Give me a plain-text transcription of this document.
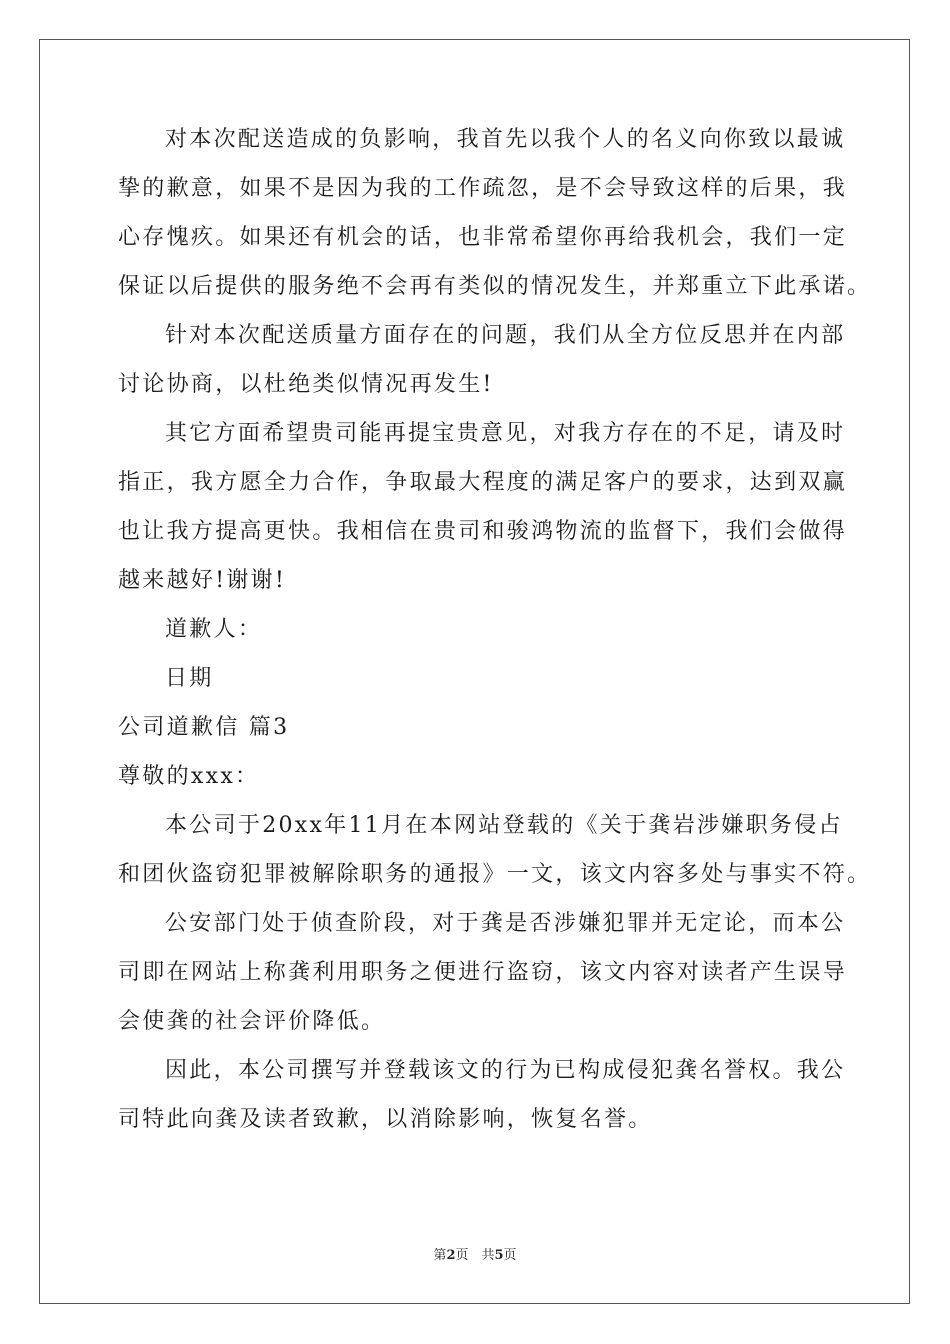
对本次配送造成的负影响，我首先以我个人的名义向你致以最诚
挚的歉意，如果不是因为我的工作疏忽，是不会导致这样的后果，我
心存愧疚。如果还有机会的话，也非常希望你再给我机会，我们一定
保证以后提供的服务绝不会再有类似的情况发生，并郑重立下此承诺。
针对本次配送质量方面存在的问题，我们从全方位反思并在内部
讨论协商，以杜绝类似情况再发生!
其它方面希望贵司能再提宝贵意见，对我方存在的不足，请及时
指正，我方愿全力合作，争取最大程度的满足客户的要求，达到双赢
也让我方提高更快。我相信在贵司和骏鸿物流的监督下，我们会做得
越来越好!谢谢!
道歉人：
日期
公司道歉信 篇3
尊敬的xxx：
本公司于20xx年11月在本网站登载的《关于龚岩涉嫌职务侵占
和团伙盗窃犯罪被解除职务的通报》一文，该文内容多处与事实不符。
公安部门处于侦查阶段，对于龚是否涉嫌犯罪并无定论，而本公
司即在网站上称龚利用职务之便进行盗窃，该文内容对读者产生误导
会使龚的社会评价降低。
因此，本公司撰写并登载该文的行为已构成侵犯龚名誉权。我公
司特此向龚及读者致歉，以消除影响，恢复名誉。
第2页　共5页
